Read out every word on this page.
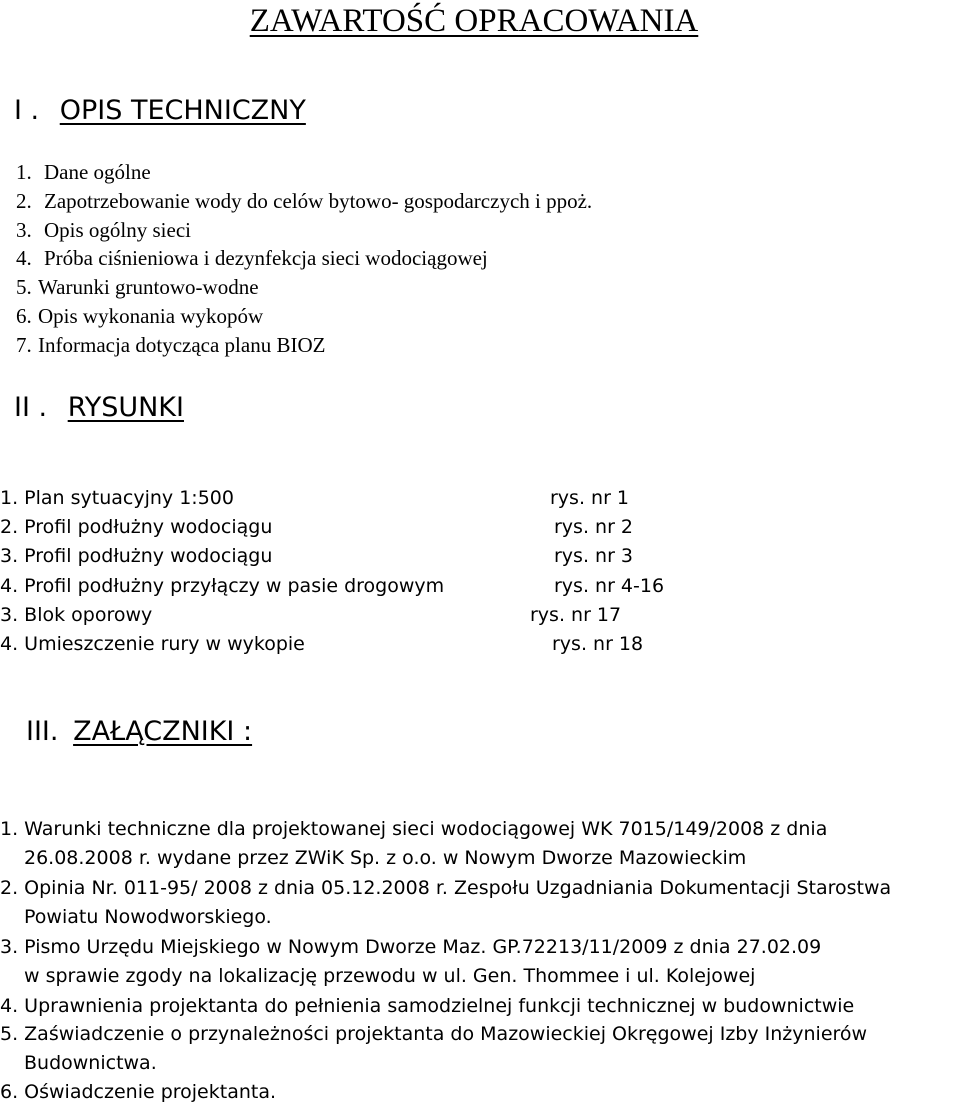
ZAWARTOŚĆ OPRACOWANIA
I . OPIS TECHNICZNY
1. Dane ogólne
2. Zapotrzebowanie wody do celów bytowo- gospodarczych i ppoż.
3. Opis ogólny sieci
4. Próba ciśnieniowa i dezynfekcja sieci wodociągowej
5. Warunki gruntowo-wodne
6. Opis wykonania wykopów
7. Informacja dotycząca planu BIOZ
1. Plan sytuacyjny 1:500	rys. nr 1
2. Profil podłużny wodociągu	rys. nr 2
3. Profil podłużny wodociągu	rys. nr 3
4. Profil podłużny przyłączy w pasie drogowym	rys. nr 4-16
3. Blok oporowy	rys. nr 17
4. Umieszczenie rury w wykopie	rys. nr 18
1. Warunki techniczne dla projektowanej sieci wodociągowej WK 7015/149/2008 z dnia
26.08.2008 r. wydane przez ZWiK Sp. z o.o. w Nowym Dworze Mazowieckim
2. Opinia Nr. 011-95/ 2008 z dnia 05.12.2008 r. Zespołu Uzgadniania Dokumentacji Starostwa
Powiatu Nowodworskiego.
3. Pismo Urzędu Miejskiego w Nowym Dworze Maz. GP.72213/11/2009 z dnia 27.02.09
w sprawie zgody na lokalizację przewodu w ul. Gen. Thommee i ul. Kolejowej
4. Uprawnienia projektanta do pełnienia samodzielnej funkcji technicznej w budownictwie
5. Zaświadczenie o przynależności projektanta do Mazowieckiej Okręgowej Izby Inżynierów
Budownictwa.
6. Oświadczenie projektanta.
II . RYSUNKI
III. ZAŁĄCZNIKI :
